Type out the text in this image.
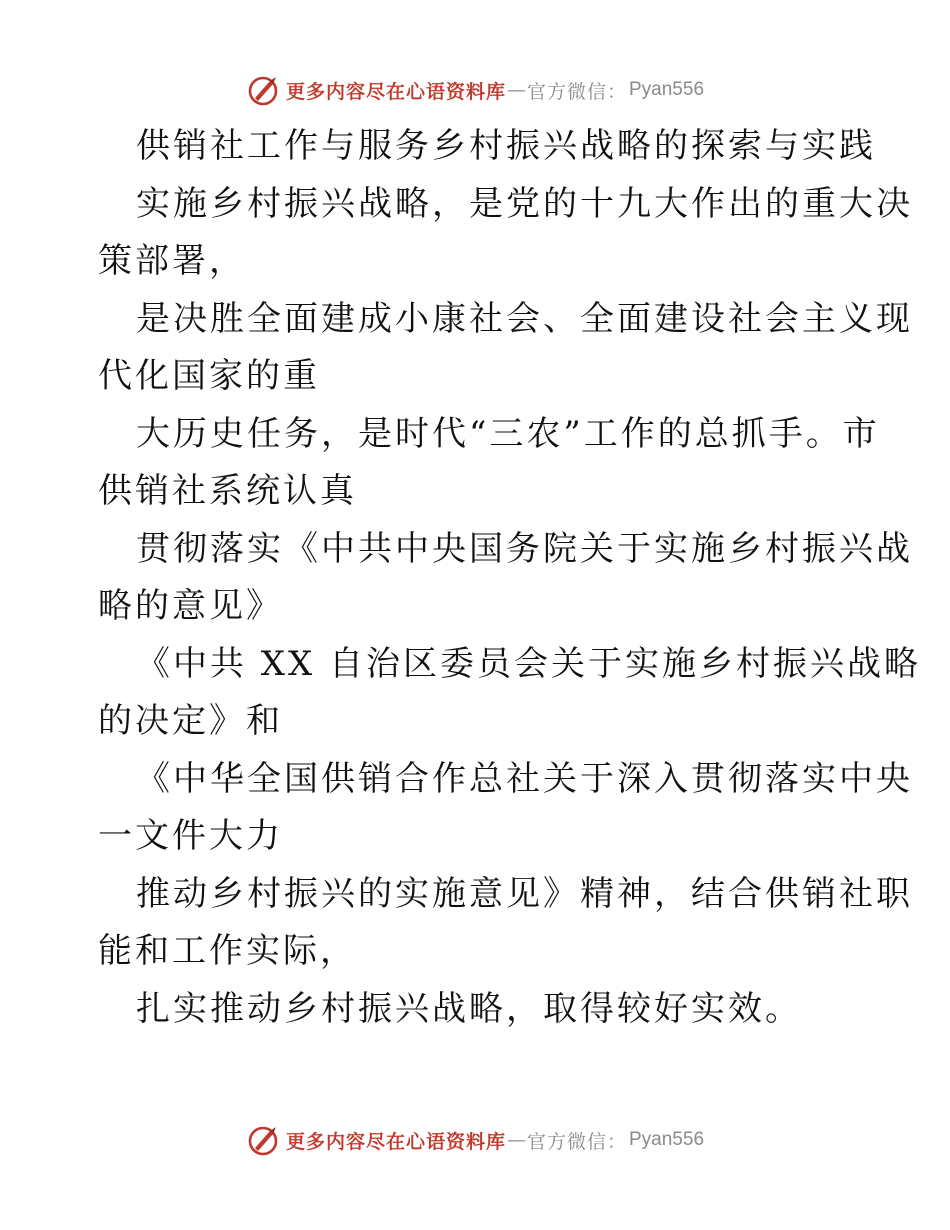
更多内容尽在心语资料库 — 官方微信： Pyan556
供销社工作与服务乡村振兴战略的探索与实践
实施乡村振兴战略，是党的十九大作出的重大决
策部署，
是决胜全面建成小康社会、全面建设社会主义现
代化国家的重
大历史任务，是时代“三农”工作的总抓手。市
供销社系统认真
贯彻落实《中共中央国务院关于实施乡村振兴战
略的意见》
《中共 XX 自治区委员会关于实施乡村振兴战略
的决定》和
《中华全国供销合作总社关于深入贯彻落实中央
一文件大力
推动乡村振兴的实施意见》精神，结合供销社职
能和工作实际，
扎实推动乡村振兴战略，取得较好实效。
更多内容尽在心语资料库 — 官方微信： Pyan556
